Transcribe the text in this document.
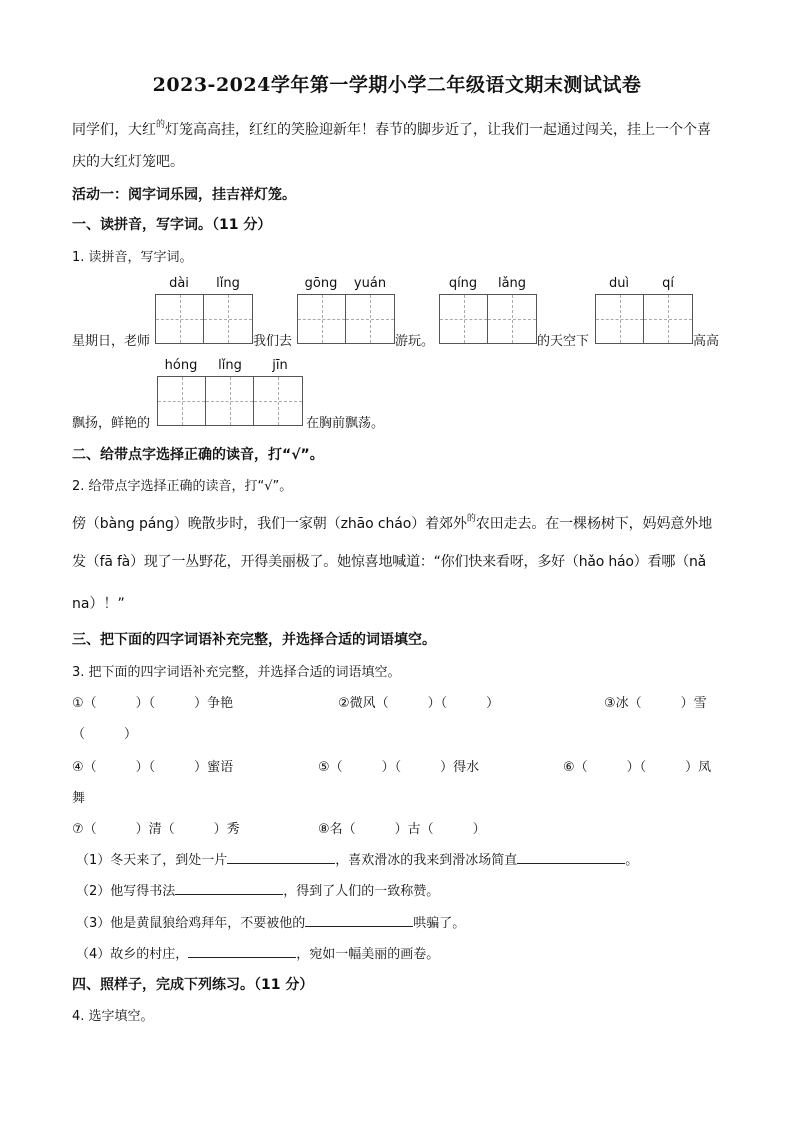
2023-2024学年第一学期小学二年级语文期末测试试卷
同学们，大红$^的$灯笼高高挂，红红的笑脸迎新年！春节的脚步近了，让我们一起通过闯关，挂上一个个喜
庆的大红灯笼吧。
活动一：阅字词乐园，挂吉祥灯笼。
一、读拼音，写字词。（11 分）
1. 读拼音，写字词。
dài	lǐng	gōng	yuán	qíng	lǎng	duì	qí
星期日，老师	我们去	游玩。	的天空下	高高
hóng	lǐng	jīn
飘扬，鲜艳的	在胸前飘荡。
二、给带点字选择正确的读音，打“√”。
2. 给带点字选择正确的读音，打“√”。
傍（bàng páng）晚散步时，我们一家朝（zhāo cháo）着郊外$^的$农田走去。在一棵杨树下，妈妈意外地
发（fā fà）现了一丛野花，开得美丽极了。她惊喜地喊道：“你们快来看呀，多好（hǎo háo）看哪（nǎ
na）！”
三、把下面的四字词语补充完整，并选择合适的词语填空。
3. 把下面的四字词语补充完整，并选择合适的词语填空。
①（　　　）（　　　）争艳	②微风（　　　）（　　　）	③冰（　　　）雪
（　　　）
④（　　　）（　　　）蜜语	⑤（　　　）（　　　）得水	⑥（　　　）（　　　）凤
舞
⑦（　　　）清（　　　）秀	⑧名（　　　）古（　　　）
（1）冬天来了，到处一片	，喜欢滑冰的我来到滑冰场简直	。
（2）他写得书法	，得到了人们的一致称赞。
（3）他是黄鼠狼给鸡拜年，不要被他的	哄骗了。
（4）故乡的村庄，	，宛如一幅美丽的画卷。
四、照样子，完成下列练习。（11 分）
4. 选字填空。
